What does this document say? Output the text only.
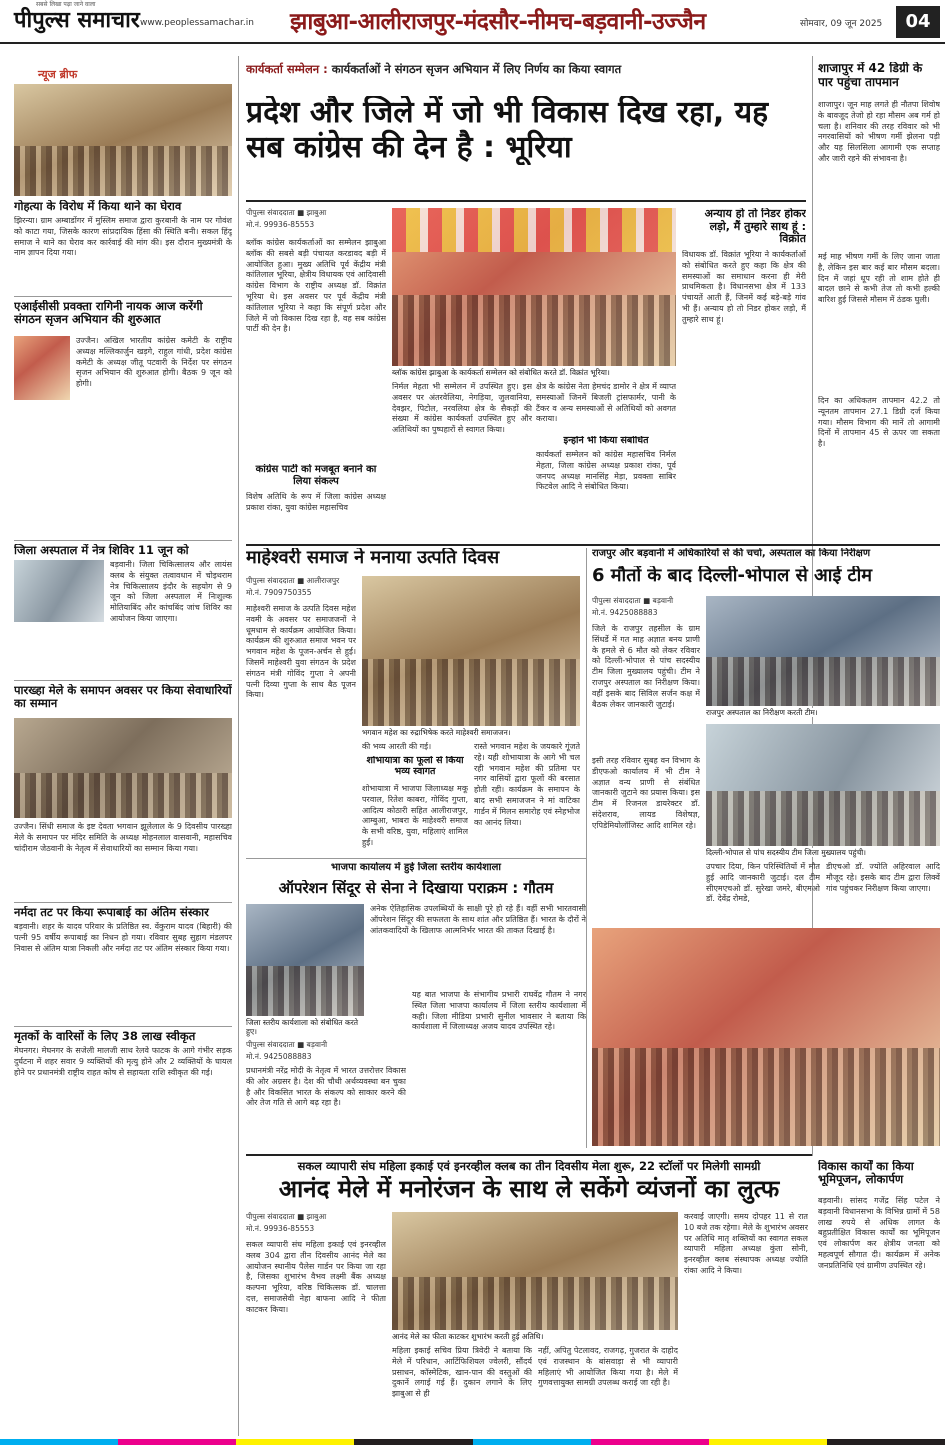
सबसे लिखा पढ़ा जाने वाला
पीपुल्स समाचार www.peoplessamachar.in झाबुआ-आलीराजपुर-मंदसौर-नीमच-बड़वानी-उज्जैन	सोमवार, 09 जून 2025	04
न्यूज ब्रीफ
गोहत्या के विरोध में किया थाने का घेराव
झिरन्या। ग्राम अम्बाडोंगर में मुस्लिम समाज द्वारा कुरबानी के नाम पर गोवंश को काटा गया, जिसके कारण सांप्रदायिक हिंसा की स्थिति बनी। सकल हिंदू समाज ने थाने का घेराव कर कार्रवाई की मांग की। इस दौरान मुख्यमंत्री के नाम ज्ञापन दिया गया।
एआईसीसी प्रवक्ता रागिनी नायक आज करेंगी संगठन सृजन अभियान की शुरुआत
उज्जैन। अखिल भारतीय कांग्रेस कमेटी के राष्ट्रीय अध्यक्ष मल्लिकार्जुन खड़गे, राहुल गांधी, प्रदेश कांग्रेस कमेटी के अध्यक्ष जीतू पटवारी के निर्देश पर संगठन सृजन अभियान की शुरुआत होगी। बैठक 9 जून को होगी।
जिला अस्पताल में नेत्र शिविर 11 जून को
बड़वानी। जिला चिकित्सालय और लायंस क्लब के संयुक्त तत्वावधान में चोइथराम नेत्र चिकित्सालय इंदौर के सहयोग से 9 जून को जिला अस्पताल में निःशुल्क मोतियाबिंद और कांचबिंद जांच शिविर का आयोजन किया जाएगा।
पारख्हा मेले के समापन अवसर पर किया सेवाधारियों का सम्मान
उज्जैन। सिंधी समाज के इष्ट देवता भगवान झूलेलाल के 9 दिवसीय पारख्हा मेले के समापन पर मंदिर समिति के अध्यक्ष मोहनलाल वासवानी, महासचिव चांदीराम जेठवानी के नेतृत्व में सेवाधारियों का सम्मान किया गया।
नर्मदा तट पर किया रूपाबाई का अंतिम संस्कार
बड़वानी। शहर के यादव परिवार के प्रतिष्ठित स्व. वेंकुराम यादव (बिहारी) की पत्नी 95 वर्षीय रूपाबाई का निधन हो गया। रविवार सुबह सुहाग मंडलपर निवास से अंतिम यात्रा निकली और नर्मदा तट पर अंतिम संस्कार किया गया।
मृतकों के वारिसों के लिए 38 लाख स्वीकृत
मेघनगर। मेघनगर के सजेली मालजी साथ रेलवे फाटक के आगे गंभीर सड़क दुर्घटना में शहर सवार 9 व्यक्तियों की मृत्यु होने और 2 व्यक्तियों के घायल होने पर प्रधानमंत्री राष्ट्रीय राहत कोष से सहायता राशि स्वीकृत की गई।
कार्यकर्ता सम्मेलन : कार्यकर्ताओं ने संगठन सृजन अभियान में लिए निर्णय का किया स्वागत
प्रदेश और जिले में जो भी विकास दिख रहा, यह सब कांग्रेस की देन है : भूरिया
पीपुल्स संवाददाता ■ झाबुआ
मो.नं. 99936-85553
ब्लॉक कांग्रेस कार्यकर्ताओं का सम्मेलन झाबुआ ब्लॉक की सबसे बड़ी पंचायत करडावद बड़ी में आयोजित हुआ। मुख्य अतिथि पूर्व केंद्रीय मंत्री कांतिलाल भूरिया, क्षेत्रीय विधायक एवं आदिवासी कांग्रेस विभाग के राष्ट्रीय अध्यक्ष डॉ. विक्रांत भूरिया थे। इस अवसर पर पूर्व केंद्रीय मंत्री कांतिलाल भूरिया ने कहा कि संपूर्ण प्रदेश और जिले में जो विकास दिख रहा है, वह सब कांग्रेस पार्टी की देन है।
कांग्रेस पार्टी को मजबूत बनाने का लिया संकल्प
विशेष अतिथि के रूप में जिला कांग्रेस अध्यक्ष प्रकाश रांका, युवा कांग्रेस महासचिव
ब्लॉक कांग्रेस झाबुआ के कार्यकर्ता सम्मेलन को संबोधित करते डॉ. विक्रांत भूरिया।
निर्मल मेहता भी सम्मेलन में उपस्थित हुए। इस अवसर पर अंतरवेलिया, नेगड़िया, जुलवानिया, देवझर, पिटोल, नरवलिया क्षेत्र के सैकड़ों की संख्या में कांग्रेस कार्यकर्ता उपस्थित हुए और अतिथियों का पुष्पहारों से स्वागत किया।
क्षेत्र के कांग्रेस नेता हेमचंद डामोर ने क्षेत्र में व्याप्त समस्याओं जिनमें बिजली ट्रांसफार्मर, पानी के टैंकर व अन्य समस्याओं से अतिथियों को अवगत कराया।
इन्होंने भी किया संबोधित
कार्यकर्ता सम्मेलन को कांग्रेस महासचिव निर्मल मेहता, जिला कांग्रेस अध्यक्ष प्रकाश रांका, पूर्व जनपद अध्यक्ष मानसिंह मेड़ा, प्रवक्ता साबिर फिटवेल आदि ने संबोधित किया।
अन्याय हो तो निडर होकर लड़ो, मैं तुम्हारे साथ हूं : विक्रांत
विधायक डॉ. विक्रांत भूरिया ने कार्यकर्ताओं को संबोधित करते हुए कहा कि क्षेत्र की समस्याओं का समाधान करना ही मेरी प्राथमिकता है। विधानसभा क्षेत्र में 133 पंचायतें आती हैं, जिनमें कई बड़े-बड़े गांव भी हैं। अन्याय हो तो निडर होकर लड़ो, मैं तुम्हारे साथ हूं।
शाजापुर में 42 डिग्री के पार पहुंचा तापमान
शाजापुर। जून माह लगते ही नौतपा शिवोष के बावजूद तेजो हो रहा मौसम अब गर्म हो चला है। शनिवार की तरह रविवार को भी नगरवासियों को भीषण गर्मी झेलना पड़ी और यह सिलसिला आगामी एक सप्ताह और जारी रहने की संभावना है।
मई माह भीषण गर्मी के लिए जाना जाता है, लेकिन इस बार कई बार मौसम बदला। दिन में जहां धूप रही तो शाम होते ही बादल छाने से कभी तेज तो कभी हल्की बारिश हुई जिससे मौसम में ठंडक घुली।
दिन का अधिकतम तापमान 42.2 तो न्यूनतम तापमान 27.1 डिग्री दर्ज किया गया। मौसम विभाग की मानें तो आगामी दिनों में तापमान 45 से ऊपर जा सकता है।
माहेश्वरी समाज ने मनाया उत्पति दिवस
पीपुल्स संवाददाता ■ आलीराजपुर
मो.नं. 7909750355
माहेश्वरी समाज के उत्पति दिवस महेश नवमी के अवसर पर समाजजनों ने धूमधाम से कार्यक्रम आयोजित किया। कार्यक्रम की शुरुआत समाज भवन पर भगवान महेश के पूजन-अर्चन से हुई। जिसमें माहेश्वरी युवा संगठन के प्रदेश संगठन मंत्री गोविंद गुप्ता ने अपनी पत्नी दिव्या गुप्ता के साथ बैठ पूजन किया।
भगवान महेश का रुद्राभिषेक करते माहेश्वरी समाजजन।
की भव्य आरती की गई।
शोभायात्रा का फूलों से किया भव्य स्वागत
शोभायात्रा में भाजपा जिलाध्यक्ष मकू परवाल, रितेश काबरा, गोविंद गुप्ता, आदित्य कोठारी सहित आलीराजपुर, आम्बुआ, भाबरा के माहेश्वरी समाज के सभी वरिष्ठ, युवा, महिलाएं शामिल हुईं।
रास्ते भगवान महेश के जयकारे गूंजते रहे। यही शोभायात्रा के आगे भी चल रही भगवान महेश की प्रतिमा पर नगर वासियों द्वारा फूलों की बरसात होती रही। कार्यक्रम के समापन के बाद सभी समाजजन ने मां वाटिका गार्डन में मिलन समारोह एवं स्नेहभोज का आनंद लिया।
राजपुर और बड़वानी में अधिकारियों से की चर्चा, अस्पताल का किया निरीक्षण
6 मौतों के बाद दिल्ली-भोपाल से आई टीम
पीपुल्स संवाददाता ■ बड़वानी
मो.नं. 9425088883
जिले के राजपुर तहसील के ग्राम सिंधर्डे में गत माह अज्ञात बनय प्राणी के हमले से 6 मौत को लेकर रविवार को दिल्ली-भोपाल से पांच सदस्यीय टीम जिला मुख्यालय पहुंची। टीम ने राजपुर अस्पताल का निरीक्षण किया। वहीं इसके बाद सिविल सर्जन कक्ष में बैठक लेकर जानकारी जुटाई।
इसी तरह रविवार सुबह वन विभाग के डीएफओ कार्यालय में भी टीम ने अज्ञात वन्य प्राणी से संबंधित जानकारी जुटाने का प्रयास किया। इस टीम में रिजनल डायरेक्टर डॉ. संदेशराव, लायड विशेषज्ञ, एपिडेमियोलॉजिस्ट आदि शामिल रहे।
राजपुर अस्पताल का निरीक्षण करती टीम।
दिल्ली-भोपाल से पांच सदस्यीय टीम जिला मुख्यालय पहुंची।
उपचार दिया, किन परिस्थितियों में मौत हुई आदि जानकारी जुटाई। दल टीम सीएमएचओ डॉ. सुरेखा जमरे, बीएमओ डॉ. देवेंद्र रोमडे,
डीएचओ डॉ. ज्योति अहिरवाल आदि मौजूद रहे। इसके बाद टीम द्वारा लिक्वें गांव पहुंचकर निरीक्षण किया जाएगा।
भाजपा कार्यालय में हुई जिला स्तरीय कार्यशाला
ऑपरेशन सिंदूर से सेना ने दिखाया पराक्रम : गौतम
जिला स्तरीय कार्यशाला को संबोधित करते हुए।
पीपुल्स संवाददाता ■ बड़वानी
मो.नं. 9425088883
प्रधानमंत्री नरेंद्र मोदी के नेतृत्व में भारत उत्तरोत्तर विकास की ओर अग्रसर है। देश की चौथी अर्थव्यवस्था बन चुका है और विकसित भारत के संकल्प को साकार करने की ओर तेज गति से आगे बढ़ रहा है।
अनेक ऐतिहासिक उपलब्धियों के साक्षी पूरे हो रहे हैं। वहीं सभी भारतवासी ऑपरेशन सिंदूर की सफलता के साथ शांत और प्रतिष्ठित हैं। भारत के दौरों ने आंतकवादियों के खिलाफ आत्मनिर्भर भारत की ताकत दिखाई है।
यह बात भाजपा के संभागीय प्रभारी राघवेंद्र गौतम ने नगर स्थित जिला भाजपा कार्यालय में जिला स्तरीय कार्यशाला में कही। जिला मीडिया प्रभारी सुनील भावसार ने बताया कि कार्यशाला में जिलाध्यक्ष अजय यादव उपस्थित रहे।
सकल व्यापारी संघ महिला इकाई एवं इनरव्हील क्लब का तीन दिवसीय मेला शुरू, 22 स्टॉलों पर मिलेगी सामग्री
आनंद मेले में मनोरंजन के साथ ले सकेंगे व्यंजनों का लुत्फ
पीपुल्स संवाददाता ■ झाबुआ
मो.नं. 99936-85553
सकल व्यापारी संघ महिला इकाई एवं इनरव्हील क्लब 304 द्वारा तीन दिवसीय आनंद मेले का आयोजन स्थानीय पैलेस गार्डन पर किया जा रहा है, जिसका शुभारंभ वैभव लक्ष्मी बैंक अध्यक्ष कल्पना भूरिया, वरिष्ठ चिकित्सक डॉ. चालत्ता दत्त, समाजसेवी नेहा बाफना आदि ने फीता काटकर किया।
आनंद मेले का फीता काटकर शुभारंभ करती हुई अतिथि।
महिला इकाई सचिव प्रिया त्रिवेदी ने बताया कि मेले में परिधान, आर्टिफिशियल ज्वेलरी, सौंदर्य प्रसाधन, कॉस्मेटिक, खान-पान की वस्तुओं की दुकानें लगाई गई हैं। दुकान लगाने के लिए झाबुआ से ही
नहीं, अपितु पेटलावद, राजगढ़, गुजरात के दाहोद एवं राजस्थान के बांसवाड़ा से भी व्यापारी महिलाएं भी आयोजित किया गया है। मेले में गुणवत्तायुक्त सामग्री उपलब्ध कराई जा रही है।
करवाई जाएगी। समय दोपहर 11 से रात 10 बजे तक रहेगा। मेले के शुभारंभ अवसर पर अतिथि मातृ शक्तियों का स्वागत सकल व्यापारी महिला अध्यक्ष कुंता सोनी, इनरव्हील क्लब संस्थापक अध्यक्ष ज्योति रांका आदि ने किया।
विकास कार्यों का किया भूमिपूजन, लोकार्पण
बड़वानी। सांसद गजेंद्र सिंह पटेल ने बड़वानी विधानसभा के विभिन्न ग्रामों में 58 लाख रुपये से अधिक लागत के बहुप्रतीक्षित विकास कार्यों का भूमिपूजन एवं लोकार्पण कर क्षेत्रीय जनता को महत्वपूर्ण सौगात दी। कार्यक्रम में अनेक जनप्रतिनिधि एवं ग्रामीण उपस्थित रहे।
